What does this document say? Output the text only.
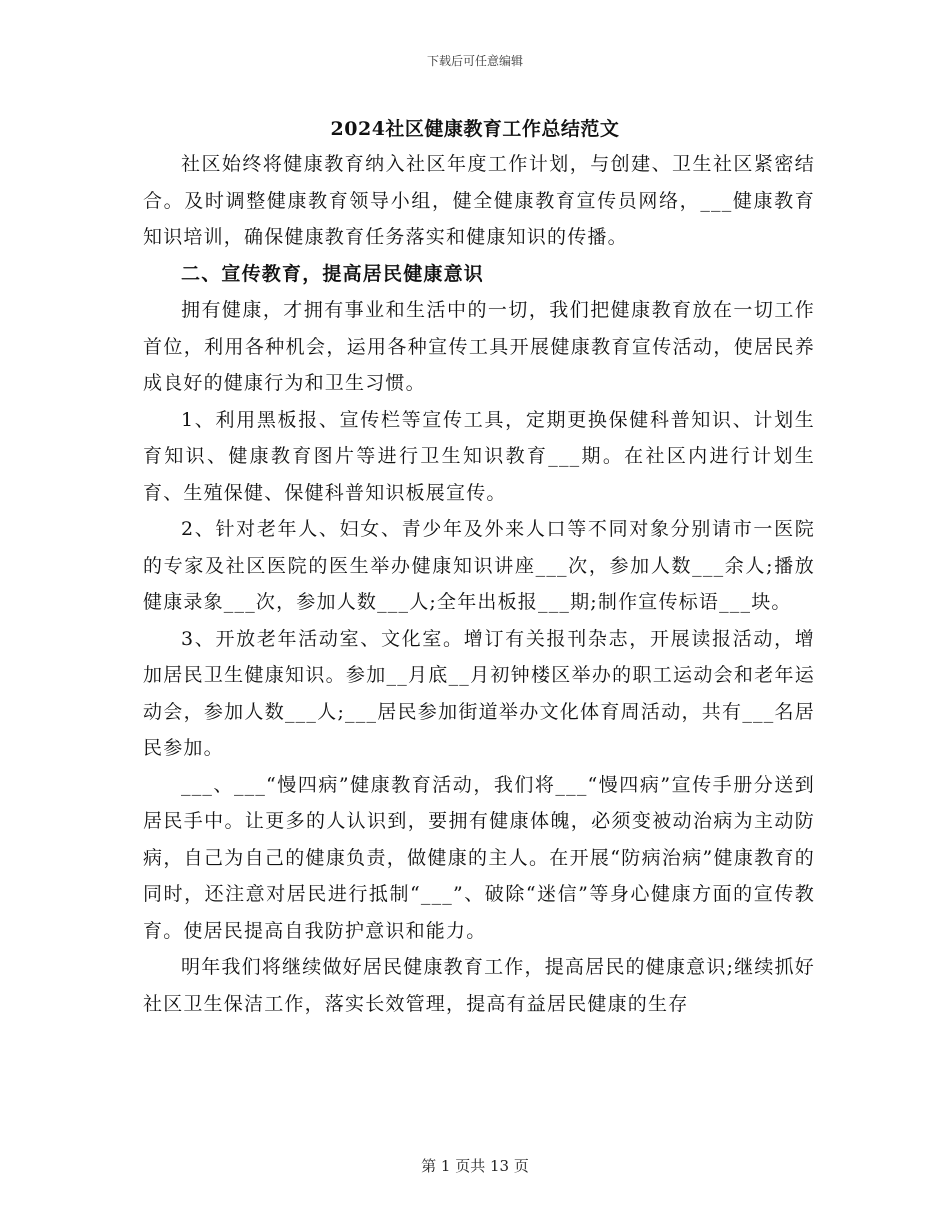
下载后可任意编辑
2024社区健康教育工作总结范文

社区始终将健康教育纳入社区年度工作计划，与创建、卫生社区紧密结合。及时调整健康教育领导小组，健全健康教育宣传员网络，___健康教育知识培训，确保健康教育任务落实和健康知识的传播。

二、宣传教育，提高居民健康意识

拥有健康，才拥有事业和生活中的一切，我们把健康教育放在一切工作首位，利用各种机会，运用各种宣传工具开展健康教育宣传活动，使居民养成良好的健康行为和卫生习惯。

1、利用黑板报、宣传栏等宣传工具，定期更换保健科普知识、计划生育知识、健康教育图片等进行卫生知识教育___期。在社区内进行计划生育、生殖保健、保健科普知识板展宣传。

2、针对老年人、妇女、青少年及外来人口等不同对象分别请市一医院的专家及社区医院的医生举办健康知识讲座___次，参加人数___余人;播放健康录象___次，参加人数___人;全年出板报___期;制作宣传标语___块。

3、开放老年活动室、文化室。增订有关报刊杂志，开展读报活动，增加居民卫生健康知识。参加__月底__月初钟楼区举办的职工运动会和老年运动会，参加人数___人;___居民参加街道举办文化体育周活动，共有___名居民参加。

___、___“慢四病”健康教育活动，我们将___“慢四病”宣传手册分送到居民手中。让更多的人认识到，要拥有健康体魄，必须变被动治病为主动防病，自己为自己的健康负责，做健康的主人。在开展“防病治病”健康教育的同时，还注意对居民进行抵制“___”、破除“迷信”等身心健康方面的宣传教育。使居民提高自我防护意识和能力。

明年我们将继续做好居民健康教育工作，提高居民的健康意识;继续抓好社区卫生保洁工作，落实长效管理，提高有益居民健康的生存

第 1 页共 13 页
